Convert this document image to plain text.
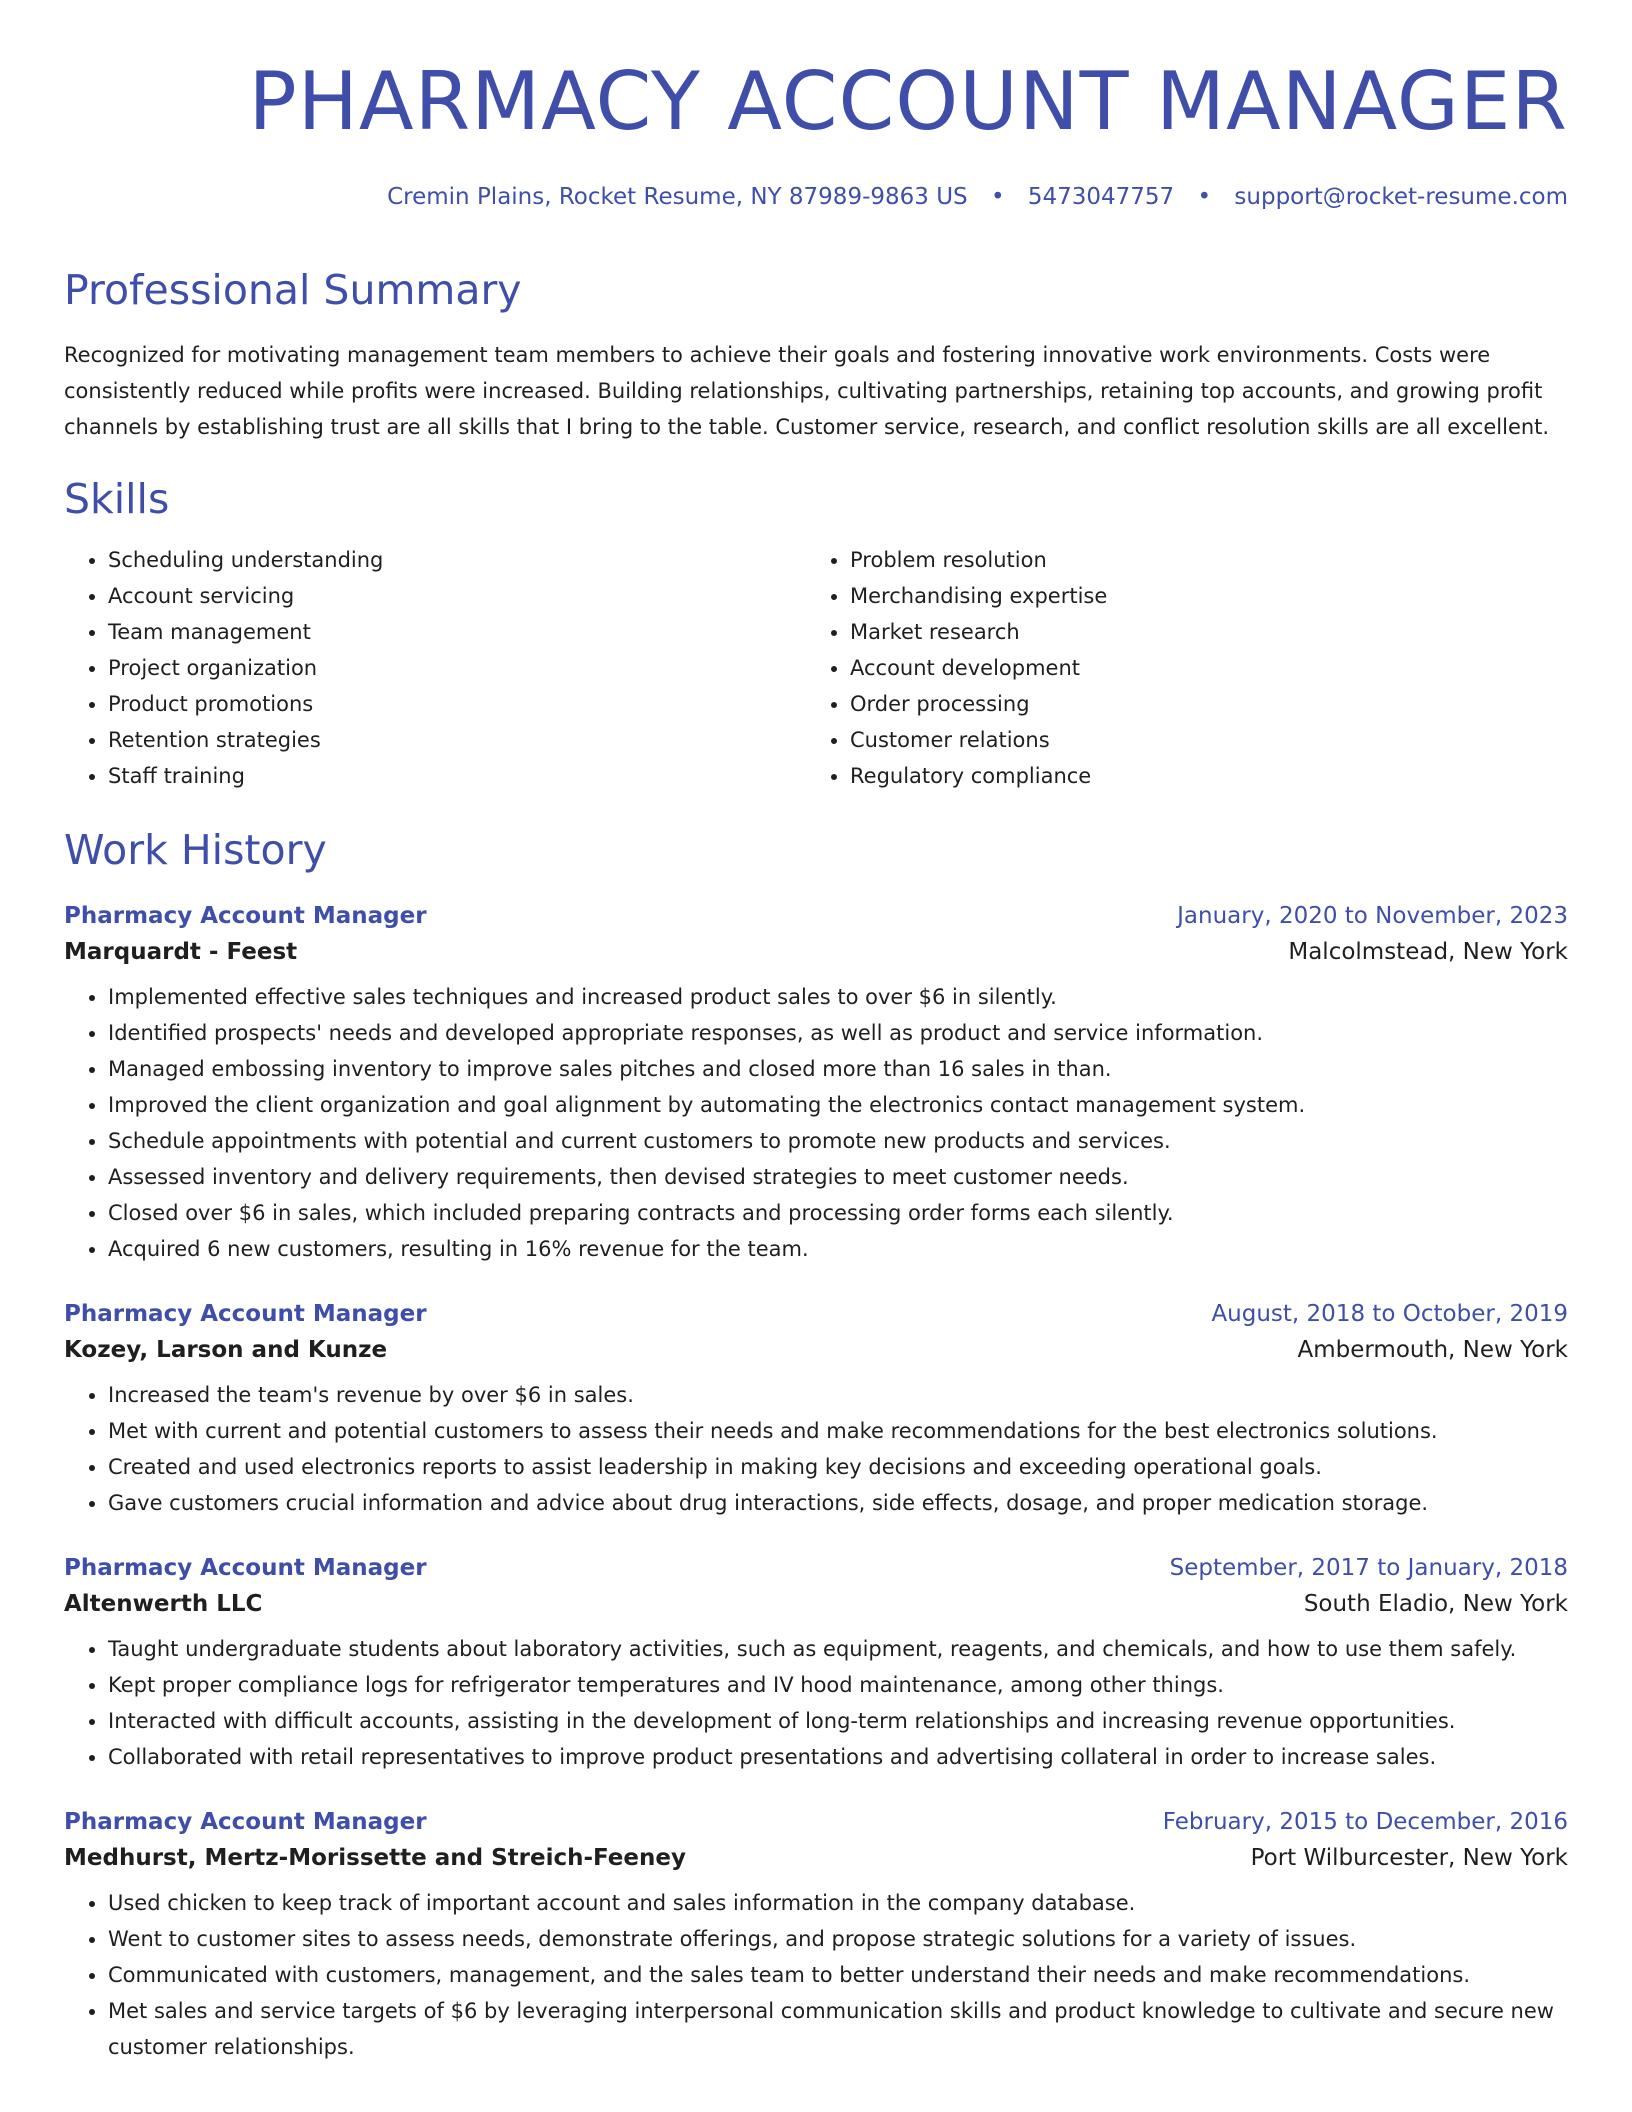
PHARMACY ACCOUNT MANAGER
Cremin Plains, Rocket Resume, NY 87989-9863 US • 5473047757 • support@rocket-resume.com
Professional Summary

Recognized for motivating management team members to achieve their goals and fostering innovative work environments. Costs were consistently reduced while profits were increased. Building relationships, cultivating partnerships, retaining top accounts, and growing profit channels by establishing trust are all skills that I bring to the table. Customer service, research, and conflict resolution skills are all excellent.

Skills
• Scheduling understanding
• Account servicing
• Team management
• Project organization
• Product promotions
• Retention strategies
• Staff training
• Problem resolution
• Merchandising expertise
• Market research
• Account development
• Order processing
• Customer relations
• Regulatory compliance
Work History
Pharmacy Account Manager	January, 2020 to November, 2023
Marquardt - Feest	Malcolmstead, New York
• Implemented effective sales techniques and increased product sales to over $6 in silently.
• Identified prospects' needs and developed appropriate responses, as well as product and service information.
• Managed embossing inventory to improve sales pitches and closed more than 16 sales in than.
• Improved the client organization and goal alignment by automating the electronics contact management system.
• Schedule appointments with potential and current customers to promote new products and services.
• Assessed inventory and delivery requirements, then devised strategies to meet customer needs.
• Closed over $6 in sales, which included preparing contracts and processing order forms each silently.
• Acquired 6 new customers, resulting in 16% revenue for the team.
Pharmacy Account Manager	August, 2018 to October, 2019
Kozey, Larson and Kunze	Ambermouth, New York
• Increased the team's revenue by over $6 in sales.
• Met with current and potential customers to assess their needs and make recommendations for the best electronics solutions.
• Created and used electronics reports to assist leadership in making key decisions and exceeding operational goals.
• Gave customers crucial information and advice about drug interactions, side effects, dosage, and proper medication storage.
Pharmacy Account Manager	September, 2017 to January, 2018
Altenwerth LLC	South Eladio, New York
• Taught undergraduate students about laboratory activities, such as equipment, reagents, and chemicals, and how to use them safely.
• Kept proper compliance logs for refrigerator temperatures and IV hood maintenance, among other things.
• Interacted with difficult accounts, assisting in the development of long-term relationships and increasing revenue opportunities.
• Collaborated with retail representatives to improve product presentations and advertising collateral in order to increase sales.
Pharmacy Account Manager	February, 2015 to December, 2016
Medhurst, Mertz-Morissette and Streich-Feeney	Port Wilburcester, New York
• Used chicken to keep track of important account and sales information in the company database.
• Went to customer sites to assess needs, demonstrate offerings, and propose strategic solutions for a variety of issues.
• Communicated with customers, management, and the sales team to better understand their needs and make recommendations.
• Met sales and service targets of $6 by leveraging interpersonal communication skills and product knowledge to cultivate and secure new customer relationships.
